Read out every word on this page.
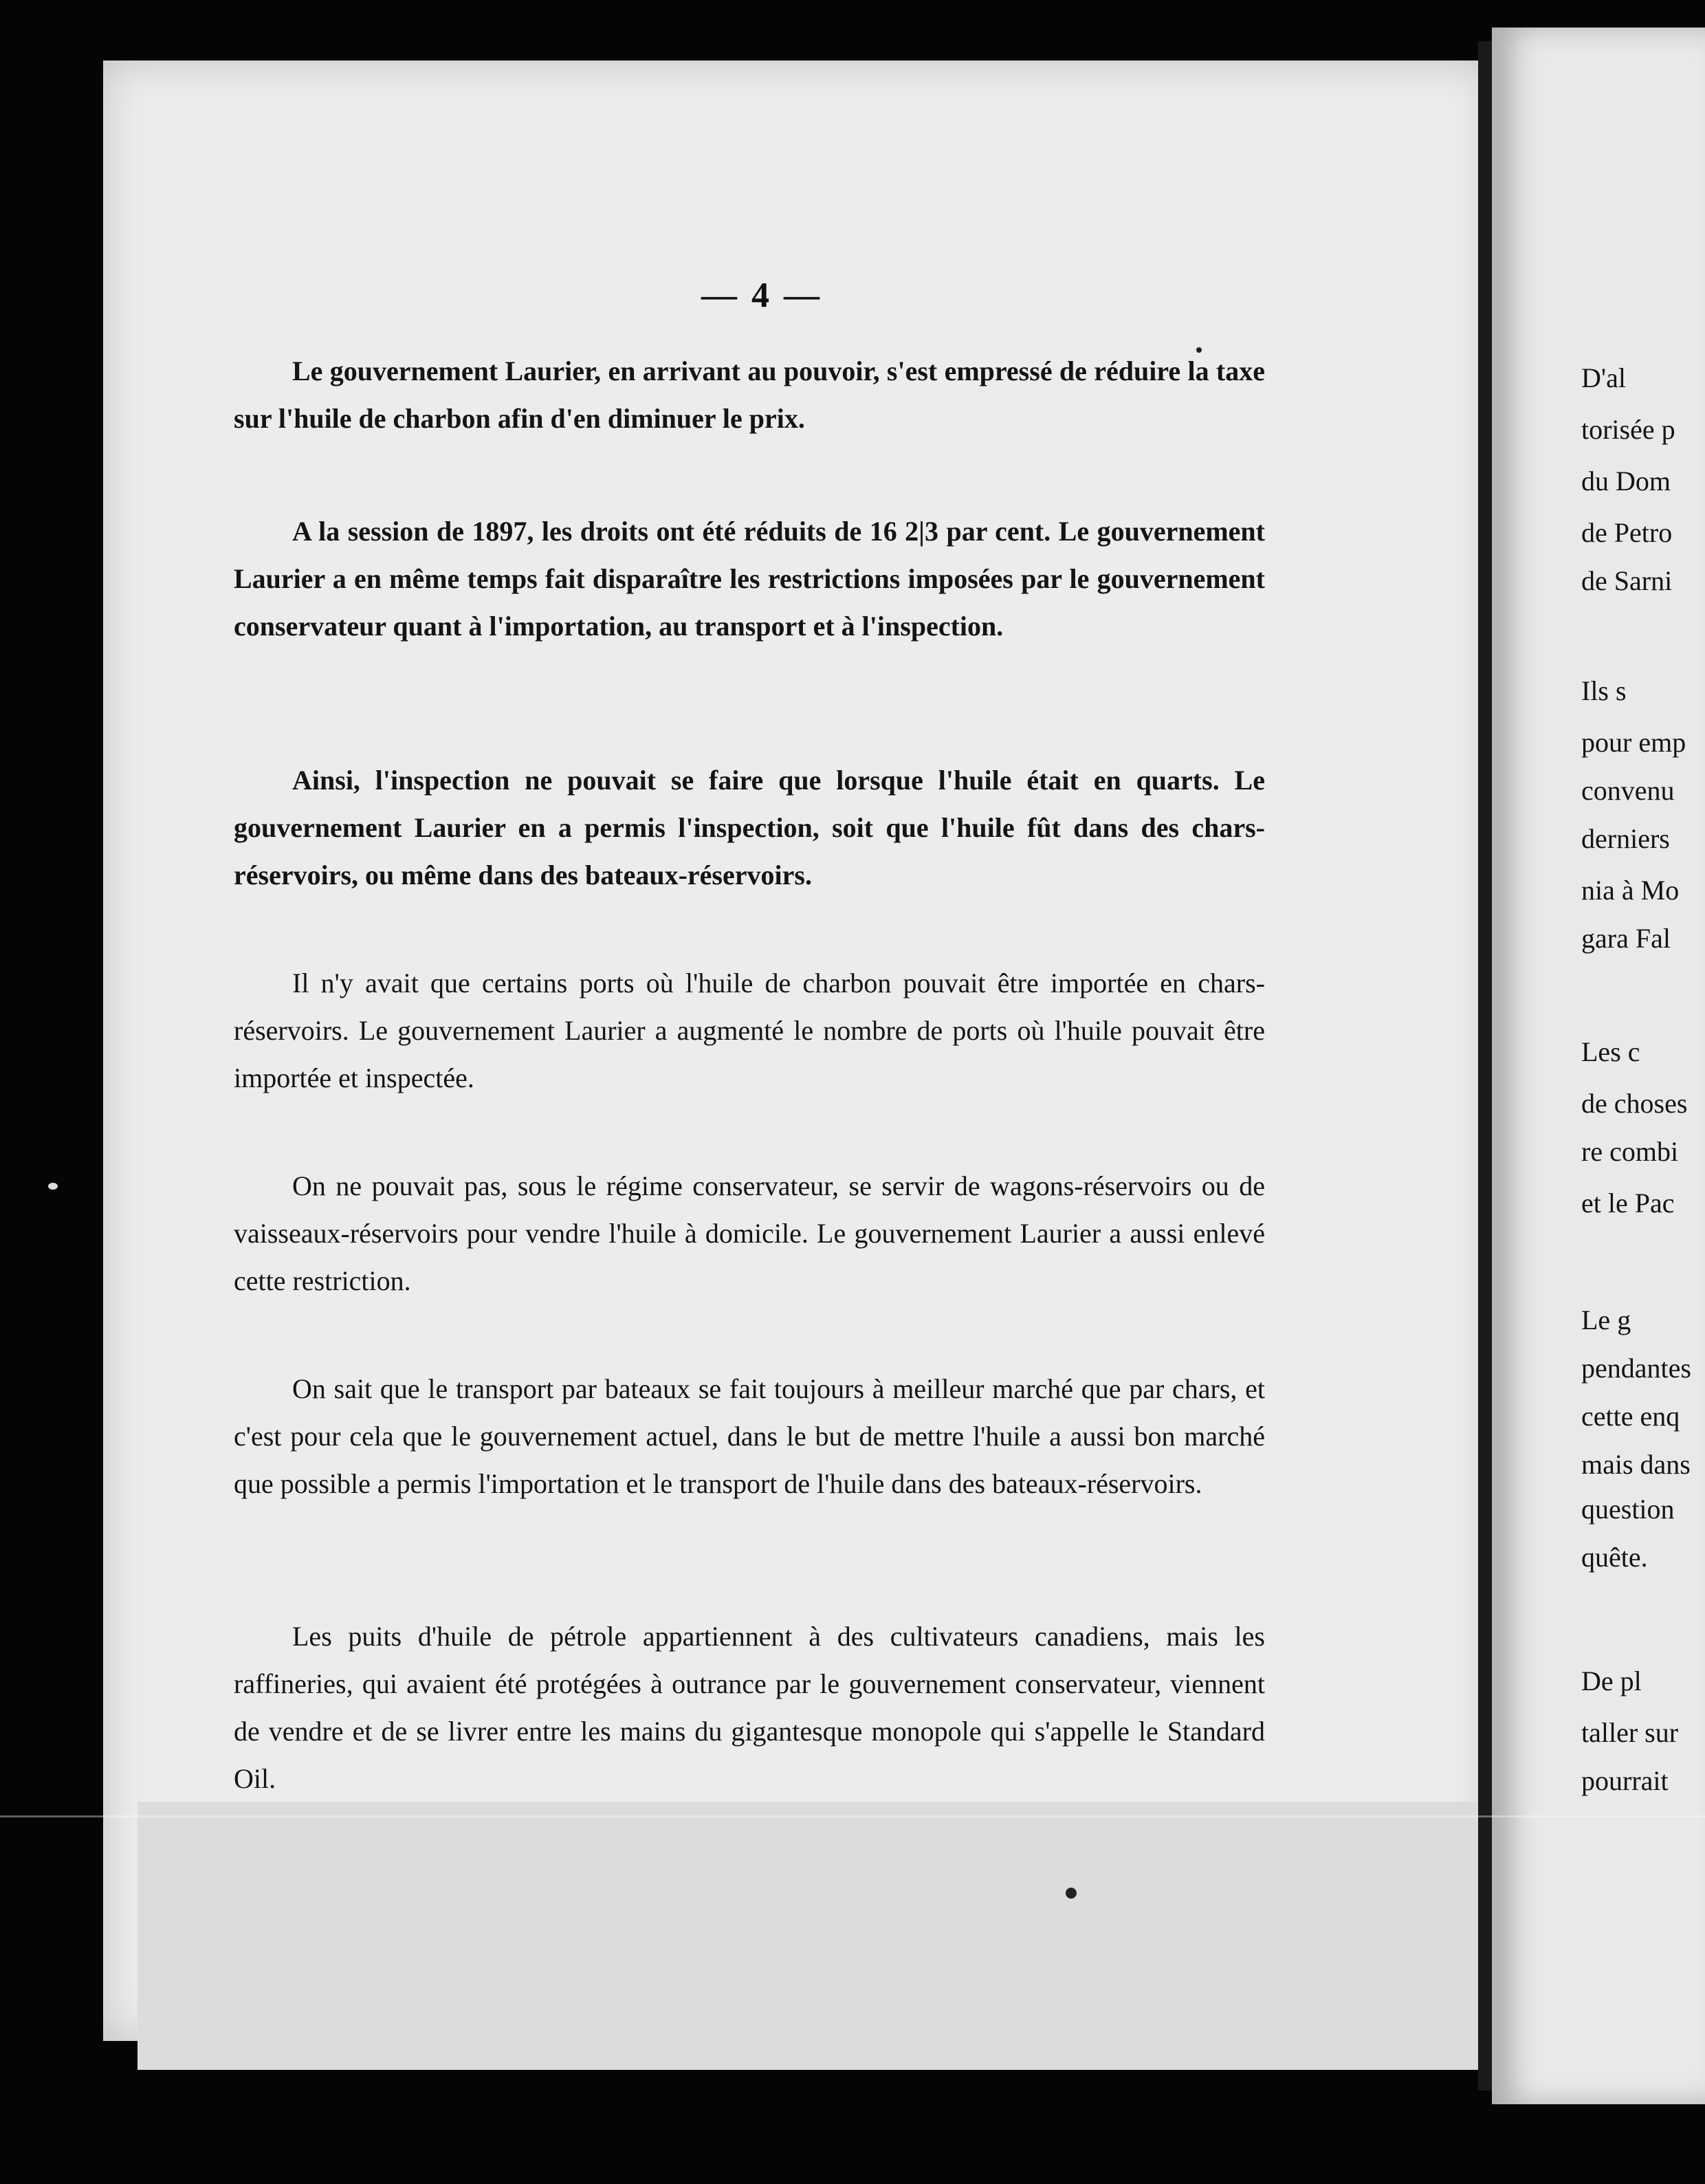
— 4 —

Le gouvernement Laurier, en arrivant au pouvoir, s'est empressé de réduire la taxe sur l'huile de charbon afin d'en diminuer le prix.

A la session de 1897, les droits ont été réduits de 16 2|3 par cent. Le gouvernement Laurier a en même temps fait disparaître les restrictions imposées par le gouvernement conservateur quant à l'importation, au transport et à l'inspection.

Ainsi, l'inspection ne pouvait se faire que lorsque l'huile était en quarts. Le gouvernement Laurier en a permis l'inspection, soit que l'huile fût dans des chars-réservoirs, ou même dans des bateaux-réservoirs.

Il n'y avait que certains ports où l'huile de charbon pouvait être importée en chars-réservoirs. Le gouvernement Laurier a augmenté le nombre de ports où l'huile pouvait être importée et inspectée.

On ne pouvait pas, sous le régime conservateur, se servir de wagons-réservoirs ou de vaisseaux-réservoirs pour vendre l'huile à domicile. Le gouvernement Laurier a aussi enlevé cette restriction.

On sait que le transport par bateaux se fait toujours à meilleur marché que par chars, et c'est pour cela que le gouvernement actuel, dans le but de mettre l'huile a aussi bon marché que possible a permis l'importation et le transport de l'huile dans des bateaux-réservoirs.

Les puits d'huile de pétrole appartiennent à des cultivateurs canadiens, mais les raffineries, qui avaient été protégées à outrance par le gouvernement conservateur, viennent de vendre et de se livrer entre les mains du gigantesque monopole qui s'appelle le Standard Oil.

D'al
torisée p
du Dom
de Petro
de Sarni
Ils s
pour emp
convenu
derniers
nia à Mo
gara Fal
Les c
de choses
re combi
et le Pac
Le g
pendantes
cette enq
mais dans
question
quête.
De pl
taller sur
pourrait
